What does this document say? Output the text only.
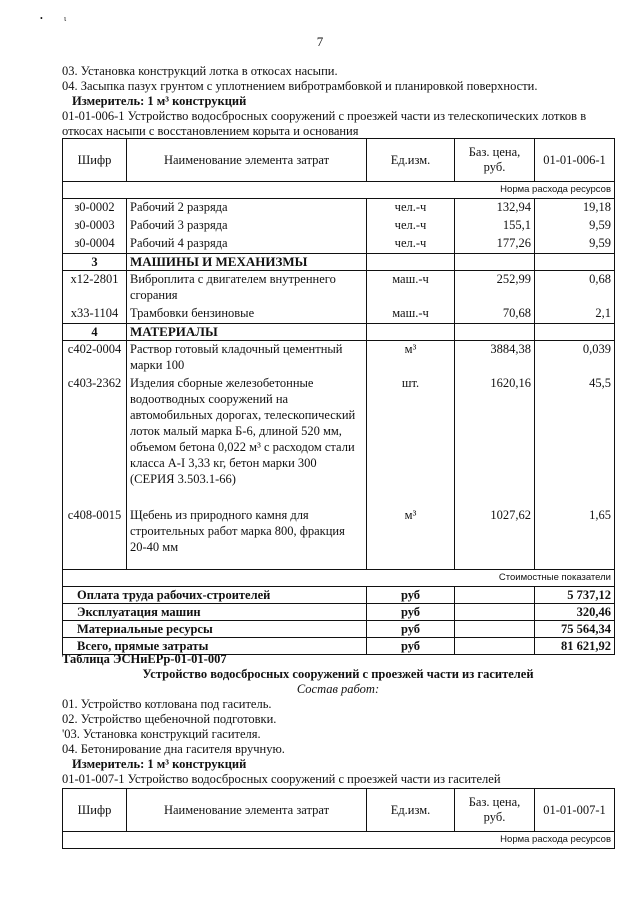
•	ι
7
03. Установка конструкций лотка в откосах насыпи.
04. Засыпка пазух грунтом с уплотнением вибротрамбовкой и планировкой поверхности.
Измеритель: 1 м³ конструкций
01-01-006-1 Устройство водосбросных сооружений с проезжей части из телескопических лотков в
откосах насыпи с восстановлением корыта и основания
Шифр	Наименование элемента затрат	Ед.изм.	Баз. цена, руб.	01-01-006-1
Норма расхода ресурсов				
з0-0002	Рабочий 2 разряда	чел.-ч	132,94	19,18
з0-0003	Рабочий 3 разряда	чел.-ч	155,1	9,59
з0-0004	Рабочий 4 разряда	чел.-ч	177,26	9,59
3	МАШИНЫ И МЕХАНИЗМЫ			
х12-2801	Виброплита с двигателем внутреннего сгорания	маш.-ч	252,99	0,68
х33-1104	Трамбовки бензиновые	маш.-ч	70,68	2,1
4	МАТЕРИАЛЫ			
с402-0004	Раствор готовый кладочный цементный марки 100	м³	3884,38	0,039
с403-2362	Изделия сборные железобетонные водоотводных сооружений на автомобильных дорогах, телескопический лоток малый марка Б-6, длиной 520 мм, объемом бетона 0,022 м³ с расходом стали класса А-I 3,33 кг, бетон марки 300 (СЕРИЯ 3.503.1-66)	шт.	1620,16	45,5
с408-0015	Щебень из природного камня для строительных работ марка 800, фракция 20-40 мм	м³	1027,62	1,65
Стоимостные показатели				
Оплата труда рабочих-строителей		руб		5 737,12
Эксплуатация машин		руб		320,46
Материальные ресурсы		руб		75 564,34
Всего, прямые затраты		руб		81 621,92
Таблица ЭСНиЕРр-01-01-007
Устройство водосбросных сооружений с проезжей части из гасителей
Состав работ:
01. Устройство котлована под гаситель.
02. Устройство щебеночной подготовки.
'03. Установка конструкций гасителя.
04. Бетонирование дна гасителя вручную.
Измеритель: 1 м³ конструкций
01-01-007-1 Устройство водосбросных сооружений с проезжей части из гасителей
Шифр	Наименование элемента затрат	Ед.изм.	Баз. цена, руб.	01-01-007-1
Норма расхода ресурсов
